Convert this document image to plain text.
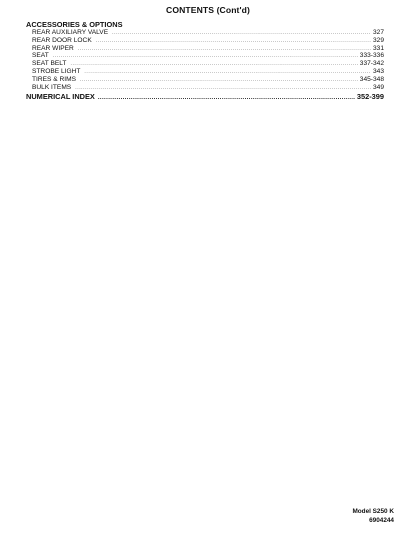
CONTENTS (Cont'd)
ACCESSORIES & OPTIONS
REAR AUXILIARY VALVE .....	327
REAR DOOR LOCK .....	329
REAR WIPER .....	331
SEAT .....	333-336
SEAT BELT .....	337-342
STROBE LIGHT .....	343
TIRES & RIMS .....	345-348
BULK ITEMS .....	349
NUMERICAL INDEX .....	352-399
Model S250 K
6904244
